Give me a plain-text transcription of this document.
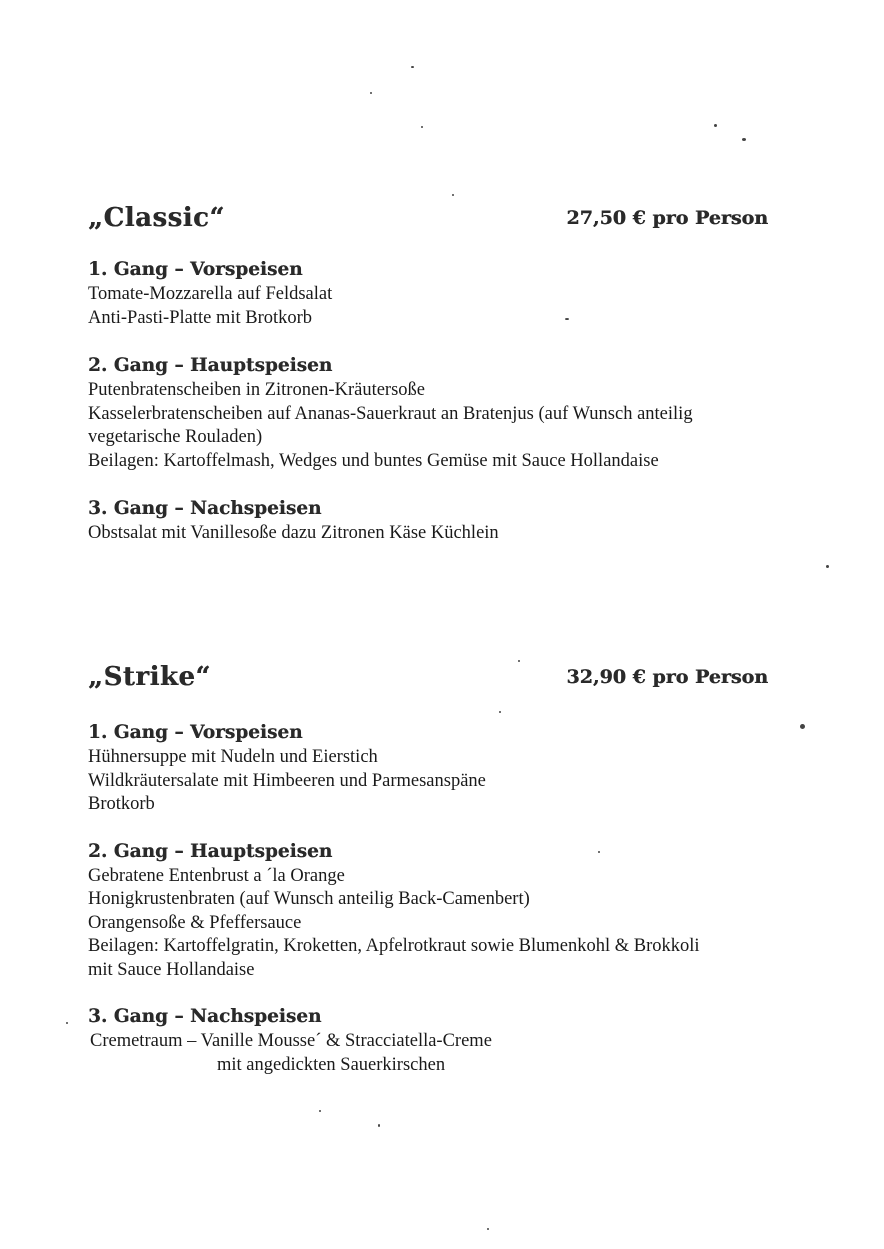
„Classic“	27,50 € pro Person
1. Gang – Vorspeisen
Tomate-Mozzarella auf Feldsalat
Anti-Pasti-Platte mit Brotkorb
2. Gang – Hauptspeisen
Putenbratenscheiben in Zitronen-Kräutersoße
Kasselerbratenscheiben auf Ananas-Sauerkraut an Bratenjus (auf Wunsch anteilig
vegetarische Rouladen)
Beilagen: Kartoffelmash, Wedges und buntes Gemüse mit Sauce Hollandaise
3. Gang – Nachspeisen
Obstsalat mit Vanillesoße dazu Zitronen Käse Küchlein
„Strike“	32,90 € pro Person
1. Gang – Vorspeisen
Hühnersuppe mit Nudeln und Eierstich
Wildkräutersalate mit Himbeeren und Parmesanspäne
Brotkorb
2. Gang – Hauptspeisen
Gebratene Entenbrust a ´la Orange
Honigkrustenbraten (auf Wunsch anteilig Back-Camenbert)
Orangensoße & Pfeffersauce
Beilagen: Kartoffelgratin, Kroketten, Apfelrotkraut sowie Blumenkohl & Brokkoli
mit Sauce Hollandaise
3. Gang – Nachspeisen
Cremetraum – Vanille Mousse´ & Stracciatella-Creme
mit angedickten Sauerkirschen
